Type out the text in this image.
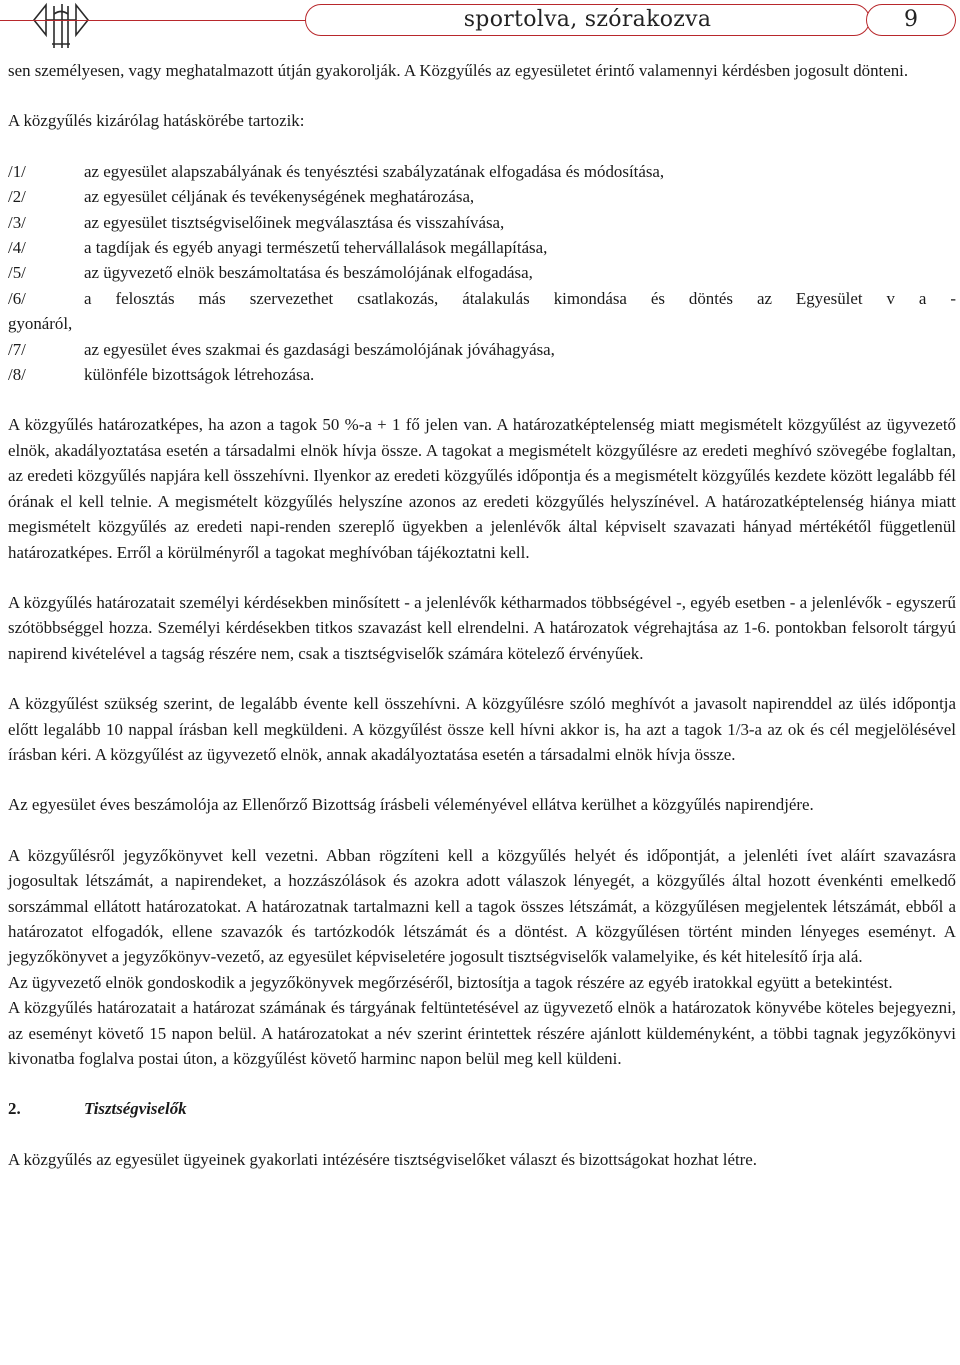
sportolva, szórakozva	9

sen személyesen, vagy meghatalmazott útján gyakorolják. A Közgyűlés az egyesületet érintő valamennyi kérdésben jogosult dönteni.

A közgyűlés kizárólag hatáskörébe tartozik:

/1/	az egyesület alapszabályának és tenyésztési szabályzatának elfogadása és módosítása,
/2/	az egyesület céljának és tevékenységének meghatározása,
/3/	az egyesület tisztségviselőinek megválasztása és visszahívása,
/4/	a tagdíjak és egyéb anyagi természetű tehervállalások megállapítása,
/5/	az ügyvezető elnök beszámoltatása és beszámolójának elfogadása,
/6/	a felosztás más szervezethet csatlakozás, átalakulás kimondása és döntés az Egyesület v a -
gyonáról,
/7/	az egyesület éves szakmai és gazdasági beszámolójának jóváhagyása,
/8/	különféle bizottságok létrehozása.

A közgyűlés határozatképes, ha azon a tagok 50 %-a + 1 fő jelen van. A határozatképtelenség miatt megismételt közgyűlést az ügyvezető elnök, akadályoztatása esetén a társadalmi elnök hívja össze. A tagokat a megismételt közgyűlésre az eredeti meghívó szövegébe foglaltan, az eredeti közgyűlés napjára kell összehívni. Ilyenkor az eredeti közgyűlés időpontja és a megismételt közgyűlés kezdete között legalább fél órának el kell telnie. A megismételt közgyűlés helyszíne azonos az eredeti közgyűlés helyszínével. A határozatképtelenség hiánya miatt megismételt közgyűlés az eredeti napi-renden szereplő ügyekben a jelenlévők által képviselt szavazati hányad mértékétől függetlenül határozatképes. Erről a körülményről a tagokat meghívóban tájékoztatni kell.

A közgyűlés határozatait személyi kérdésekben minősített - a jelenlévők kétharmados többségével -, egyéb esetben - a jelenlévők - egyszerű szótöbbséggel hozza. Személyi kérdésekben titkos szavazást kell elrendelni. A határozatok végrehajtása az 1-6. pontokban felsorolt tárgyú napirend kivételével a tagság részére nem, csak a tisztségviselők számára kötelező érvényűek.

A közgyűlést szükség szerint, de legalább évente kell összehívni. A közgyűlésre szóló meghívót a javasolt napirenddel az ülés időpontja előtt legalább 10 nappal írásban kell megküldeni. A közgyűlést össze kell hívni akkor is, ha azt a tagok 1/3-a az ok és cél megjelölésével írásban kéri. A közgyűlést az ügyvezető elnök, annak akadályoztatása esetén a társadalmi elnök hívja össze.

Az egyesület éves beszámolója az Ellenőrző Bizottság írásbeli véleményével ellátva kerülhet a közgyűlés napirendjére.

A közgyűlésről jegyzőkönyvet kell vezetni. Abban rögzíteni kell a közgyűlés helyét és időpontját, a jelenléti ívet aláírt szavazásra jogosultak létszámát, a napirendeket, a hozzászólások és azokra adott válaszok lényegét, a közgyűlés által hozott évenkénti emelkedő sorszámmal ellátott határozatokat. A határozatnak tartalmazni kell a tagok összes létszámát, a közgyűlésen megjelentek létszámát, ebből a határozatot elfogadók, ellene szavazók és tartózkodók létszámát és a döntést. A közgyűlésen történt minden lényeges eseményt. A jegyzőkönyvet a jegyzőkönyv-vezető, az egyesület képviseletére jogosult tisztségviselők valamelyike, és két hitelesítő írja alá.

Az ügyvezető elnök gondoskodik a jegyzőkönyvek megőrzéséről, biztosítja a tagok részére az egyéb iratokkal együtt a betekintést.

A közgyűlés határozatait a határozat számának és tárgyának feltüntetésével az ügyvezető elnök a határozatok könyvébe köteles bejegyezni, az eseményt követő 15 napon belül. A határozatokat a név szerint érintettek részére ajánlott küldeményként, a többi tagnak jegyzőkönyvi kivonatba foglalva postai úton, a közgyűlést követő harminc napon belül meg kell küldeni.

2.	Tisztségviselők

A közgyűlés az egyesület ügyeinek gyakorlati intézésére tisztségviselőket választ és bizottságokat hozhat létre.
